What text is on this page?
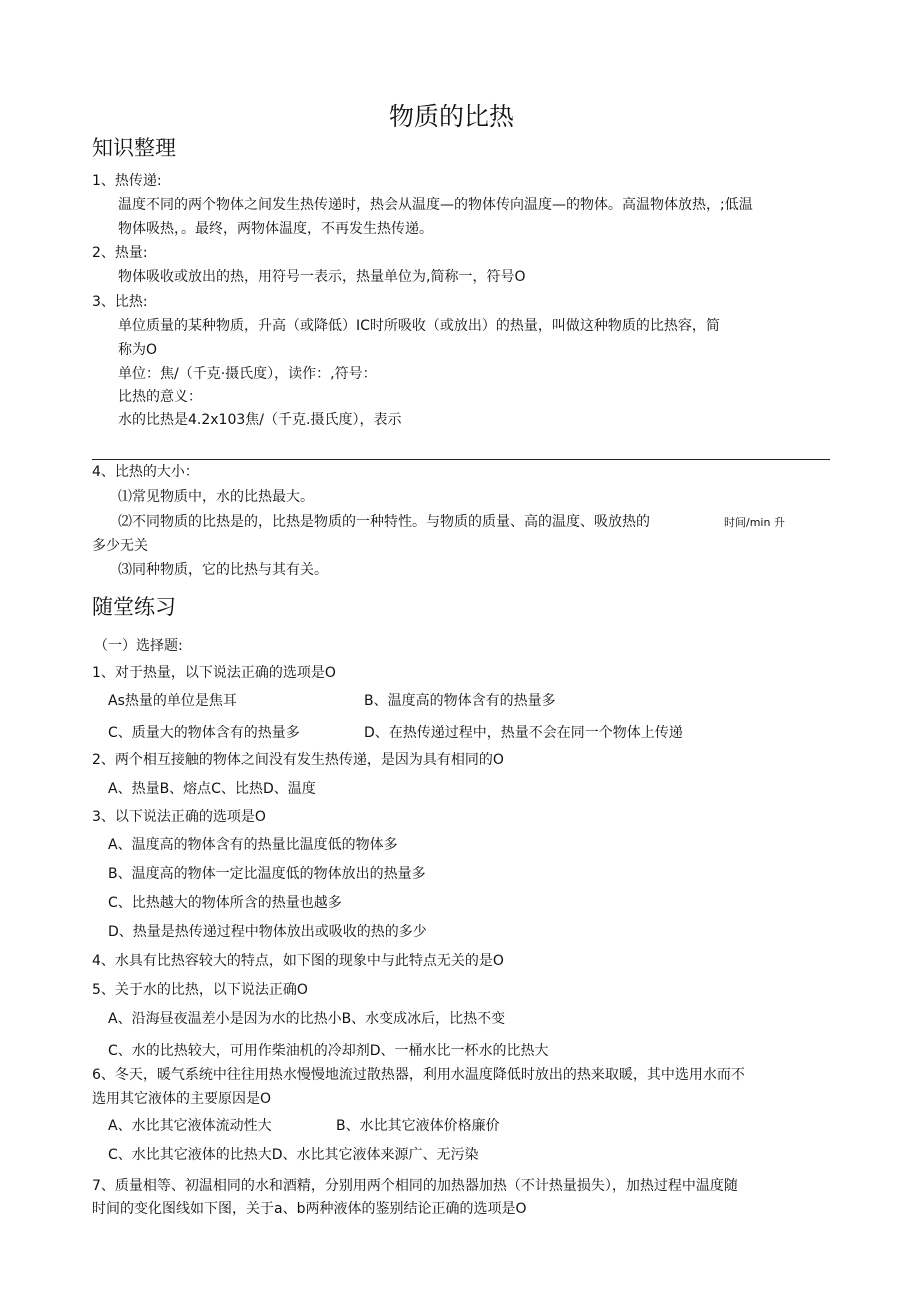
物质的比热
知识整理
1、热传递:
温度不同的两个物体之间发生热传递时，热会从温度—的物体传向温度—的物体。高温物体放热，;低温
物体吸热，。最终，两物体温度，不再发生热传递。
2、热量:
物体吸收或放出的热，用符号一表示，热量单位为,简称一，符号O
3、比热:
单位质量的某种物质，升高（或降低）IC时所吸收（或放出）的热量，叫做这种物质的比热容，简
称为O
单位：焦/（千克·摄氏度），读作：,符号：
比热的意义：
水的比热是4.2x103焦/（千克.摄氏度），表示
4、比热的大小：
⑴常见物质中，水的比热最大。
⑵不同物质的比热是的，比热是物质的一种特性。与物质的质量、高的温度、吸放热的	时间/min 升
多少无关
⑶同种物质，它的比热与其有关。
随堂练习
（一）选择题:
1、对于热量，以下说法正确的选项是O
As热量的单位是焦耳	B、温度高的物体含有的热量多
C、质量大的物体含有的热量多	D、在热传递过程中，热量不会在同一个物体上传递
2、两个相互接触的物体之间没有发生热传递，是因为具有相同的O
A、热量B、熔点C、比热D、温度
3、以下说法正确的选项是O
A、温度高的物体含有的热量比温度低的物体多
B、温度高的物体一定比温度低的物体放出的热量多
C、比热越大的物体所含的热量也越多
D、热量是热传递过程中物体放出或吸收的热的多少
4、水具有比热容较大的特点，如下图的现象中与此特点无关的是O
5、关于水的比热，以下说法正确O
A、沿海昼夜温差小是因为水的比热小B、水变成冰后，比热不变
C、水的比热较大，可用作柴油机的冷却剂D、一桶水比一杯水的比热大
6、冬天，暖气系统中往往用热水慢慢地流过散热器，利用水温度降低时放出的热来取暖，其中选用水而不
选用其它液体的主要原因是O
A、水比其它液体流动性大	B、水比其它液体价格廉价
C、水比其它液体的比热大D、水比其它液体来源广、无污染
7、质量相等、初温相同的水和酒精，分别用两个相同的加热器加热（不计热量损失），加热过程中温度随
时间的变化图线如下图，关于a、b两种液体的鉴别结论正确的选项是O
